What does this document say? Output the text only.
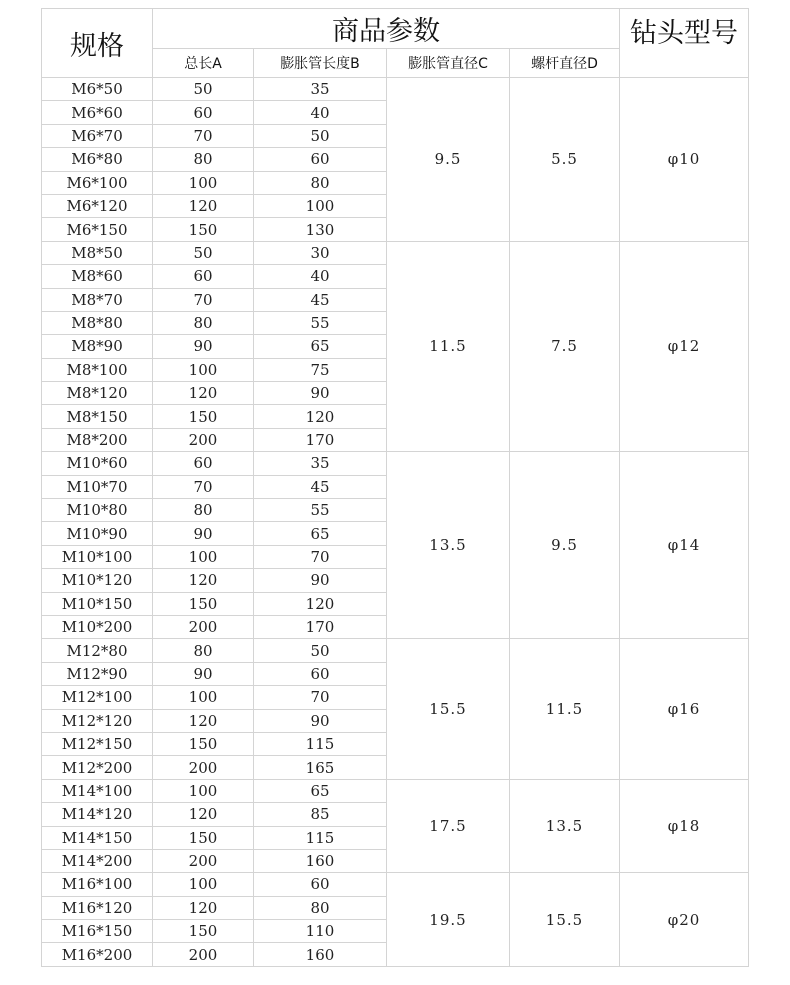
规格	商品参数				钻头型号
	总长A	膨胀管长度B	膨胀管直径C	螺杆直径D	
M6*50	50	35	9.5	5.5	φ10
M6*60	60	40			
M6*70	70	50			
M6*80	80	60			
M6*100	100	80			
M6*120	120	100			
M6*150	150	130			
M8*50	50	30	11.5	7.5	φ12
M8*60	60	40			
M8*70	70	45			
M8*80	80	55			
M8*90	90	65			
M8*100	100	75			
M8*120	120	90			
M8*150	150	120			
M8*200	200	170			
M10*60	60	35	13.5	9.5	φ14
M10*70	70	45			
M10*80	80	55			
M10*90	90	65			
M10*100	100	70			
M10*120	120	90			
M10*150	150	120			
M10*200	200	170			
M12*80	80	50	15.5	11.5	φ16
M12*90	90	60			
M12*100	100	70			
M12*120	120	90			
M12*150	150	115			
M12*200	200	165			
M14*100	100	65	17.5	13.5	φ18
M14*120	120	85			
M14*150	150	115			
M14*200	200	160			
M16*100	100	60	19.5	15.5	φ20
M16*120	120	80			
M16*150	150	110			
M16*200	200	160			
